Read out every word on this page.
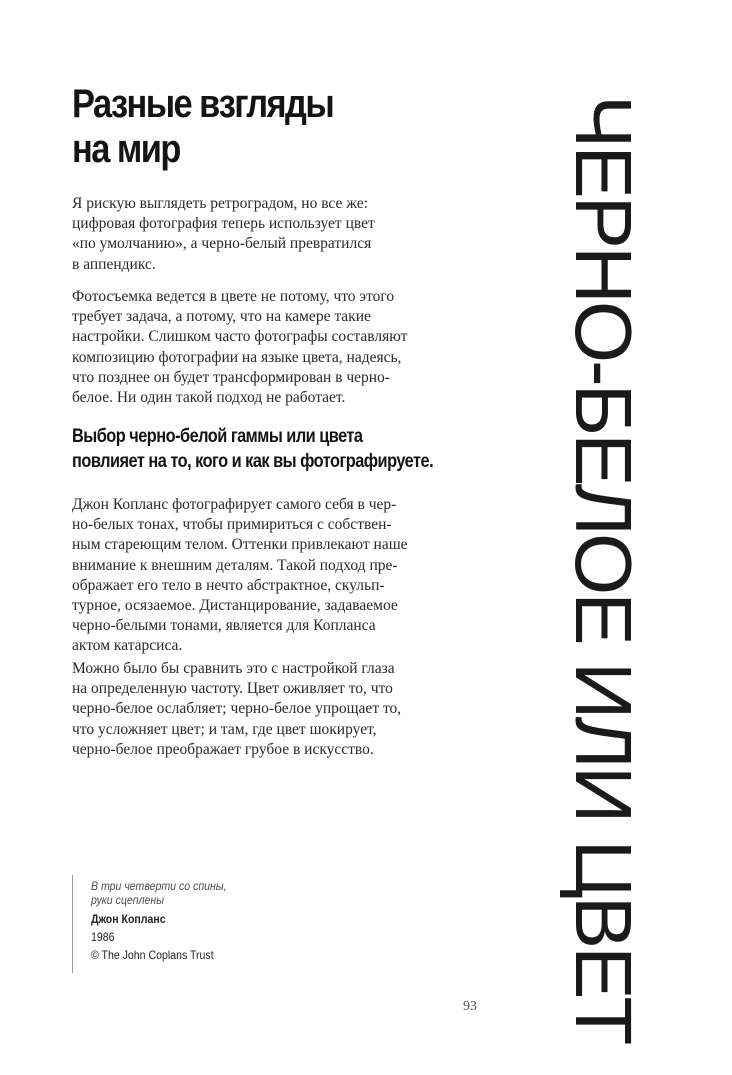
Разные взгляды
на мир
Я рискую выглядеть ретроградом, но все же:
цифровая фотография теперь использует цвет
«по умолчанию», а черно-белый превратился
в аппендикс.
Фотосъемка ведется в цвете не потому, что этого
требует задача, а потому, что на камере такие
настройки. Слишком часто фотографы составляют
композицию фотографии на языке цвета, надеясь,
что позднее он будет трансформирован в черно-
белое. Ни один такой подход не работает.
Выбор черно-белой гаммы или цвета
повлияет на то, кого и как вы фотографируете.
Джон Копланс фотографирует самого себя в чер-
но-белых тонах, чтобы примириться с собствен-
ным стареющим телом. Оттенки привлекают наше
внимание к внешним деталям. Такой подход пре-
ображает его тело в нечто абстрактное, скульп-
турное, осязаемое. Дистанцирование, задаваемое
черно-белыми тонами, является для Копланса
актом катарсиса.
Можно было бы сравнить это с настройкой глаза
на определенную частоту. Цвет оживляет то, что
черно-белое ослабляет; черно-белое упрощает то,
что усложняет цвет; и там, где цвет шокирует,
черно-белое преображает грубое в искусство.
В три четверти со спины,
руки сцеплены
Джон Копланс
1986
© The John Coplans Trust	ЧЕРНО-БЕЛОЕ ИЛИ ЦВЕТ
93
